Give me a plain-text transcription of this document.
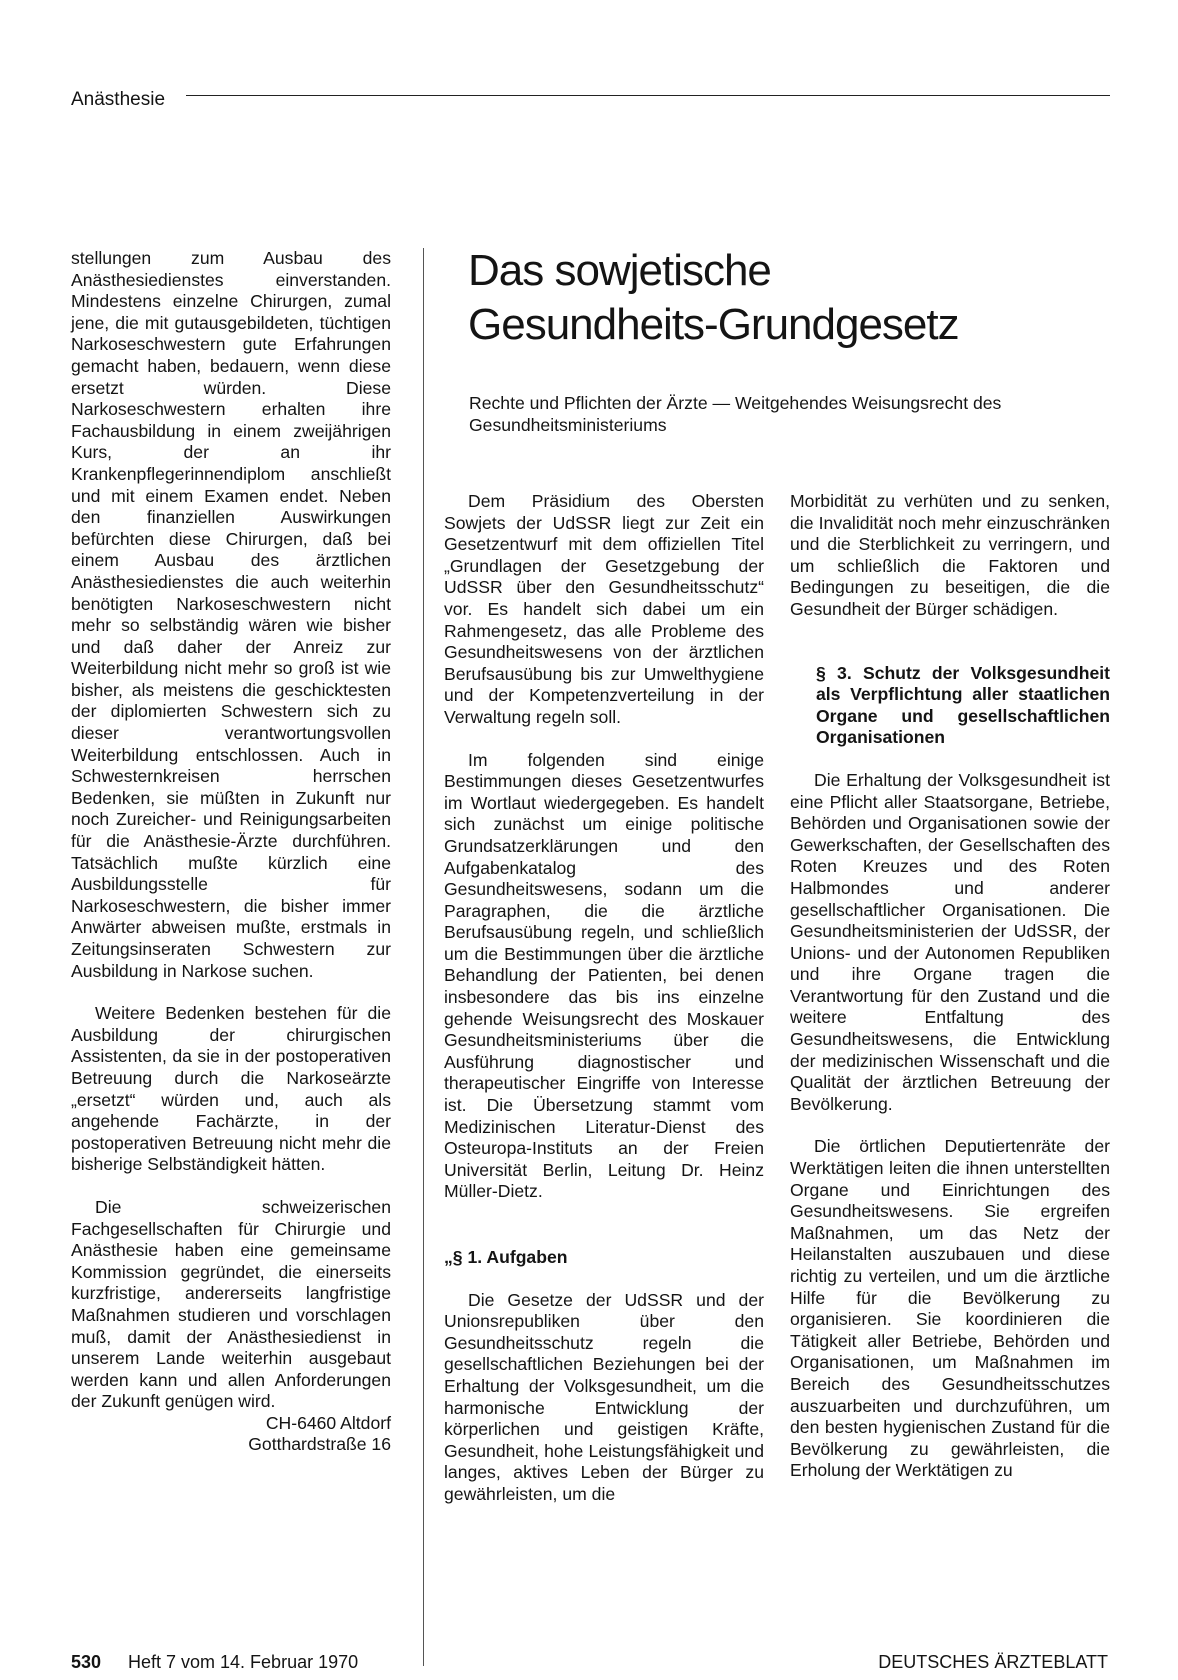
Anästhesie

stellungen zum Ausbau des Anästhesiedienstes einverstanden. Mindestens einzelne Chirurgen, zumal jene, die mit gutausgebildeten, tüchtigen Narkoseschwestern gute Erfahrungen gemacht haben, bedauern, wenn diese ersetzt würden. Diese Narkoseschwestern erhalten ihre Fachausbildung in einem zweijährigen Kurs, der an ihr Krankenpflegerinnendiplom anschließt und mit einem Examen endet. Neben den finanziellen Auswirkungen befürchten diese Chirurgen, daß bei einem Ausbau des ärztlichen Anästhesiedienstes die auch weiterhin benötigten Narkoseschwestern nicht mehr so selbständig wären wie bisher und daß daher der Anreiz zur Weiterbildung nicht mehr so groß ist wie bisher, als meistens die geschicktesten der diplomierten Schwestern sich zu dieser verantwortungsvollen Weiterbildung entschlossen. Auch in Schwesternkreisen herrschen Bedenken, sie müßten in Zukunft nur noch Zureicher- und Reinigungsarbeiten für die Anästhesie-Ärzte durchführen. Tatsächlich mußte kürzlich eine Ausbildungsstelle für Narkoseschwestern, die bisher immer Anwärter abweisen mußte, erstmals in Zeitungsinseraten Schwestern zur Ausbildung in Narkose suchen.

Weitere Bedenken bestehen für die Ausbildung der chirurgischen Assistenten, da sie in der postoperativen Betreuung durch die Narkoseärzte „ersetzt“ würden und, auch als angehende Fachärzte, in der postoperativen Betreuung nicht mehr die bisherige Selbständigkeit hätten.

Die schweizerischen Fachgesellschaften für Chirurgie und Anästhesie haben eine gemeinsame Kommission gegründet, die einerseits kurzfristige, andererseits langfristige Maßnahmen studieren und vorschlagen muß, damit der Anästhesiedienst in unserem Lande weiterhin ausgebaut werden kann und allen Anforderungen der Zukunft genügen wird.

CH-6460 Altdorf

Gotthardstraße 16

Das sowjetische
Gesundheits-Grundgesetz

Rechte und Pflichten der Ärzte — Weitgehendes Weisungsrecht des Gesundheitsministeriums

Dem Präsidium des Obersten Sowjets der UdSSR liegt zur Zeit ein Gesetzentwurf mit dem offiziellen Titel „Grundlagen der Gesetzgebung der UdSSR über den Gesundheitsschutz“ vor. Es handelt sich dabei um ein Rahmengesetz, das alle Probleme des Gesundheitswesens von der ärztlichen Berufsausübung bis zur Umwelthygiene und der Kompetenzverteilung in der Verwaltung regeln soll.

Im folgenden sind einige Bestimmungen dieses Gesetzentwurfes im Wortlaut wiedergegeben. Es handelt sich zunächst um einige politische Grundsatzerklärungen und den Aufgabenkatalog des Gesundheitswesens, sodann um die Paragraphen, die die ärztliche Berufsausübung regeln, und schließlich um die Bestimmungen über die ärztliche Behandlung der Patienten, bei denen insbesondere das bis ins einzelne gehende Weisungsrecht des Moskauer Gesundheitsministeriums über die Ausführung diagnostischer und therapeutischer Eingriffe von Interesse ist. Die Übersetzung stammt vom Medizinischen Literatur-Dienst des Osteuropa-Instituts an der Freien Universität Berlin, Leitung Dr. Heinz Müller-Dietz.

„§ 1. Aufgaben

Die Gesetze der UdSSR und der Unionsrepubliken über den Gesundheitsschutz regeln die gesellschaftlichen Beziehungen bei der Erhaltung der Volksgesundheit, um die harmonische Entwicklung der körperlichen und geistigen Kräfte, Gesundheit, hohe Leistungsfähigkeit und langes, aktives Leben der Bürger zu gewährleisten, um die

Morbidität zu verhüten und zu senken, die Invalidität noch mehr einzuschränken und die Sterblichkeit zu verringern, und um schließlich die Faktoren und Bedingungen zu beseitigen, die die Gesundheit der Bürger schädigen.

§ 3. Schutz der Volksgesundheit als Verpflichtung aller staatlichen Organe und gesellschaftlichen Organisationen

Die Erhaltung der Volksgesundheit ist eine Pflicht aller Staatsorgane, Betriebe, Behörden und Organisationen sowie der Gewerkschaften, der Gesellschaften des Roten Kreuzes und des Roten Halbmondes und anderer gesellschaftlicher Organisationen. Die Gesundheitsministerien der UdSSR, der Unions- und der Autonomen Republiken und ihre Organe tragen die Verantwortung für den Zustand und die weitere Entfaltung des Gesundheitswesens, die Entwicklung der medizinischen Wissenschaft und die Qualität der ärztlichen Betreuung der Bevölkerung.

Die örtlichen Deputiertenräte der Werktätigen leiten die ihnen unterstellten Organe und Einrichtungen des Gesundheitswesens. Sie ergreifen Maßnahmen, um das Netz der Heilanstalten auszubauen und diese richtig zu verteilen, und um die ärztliche Hilfe für die Bevölkerung zu organisieren. Sie koordinieren die Tätigkeit aller Betriebe, Behörden und Organisationen, um Maßnahmen im Bereich des Gesundheitsschutzes auszuarbeiten und durchzuführen, um den besten hygienischen Zustand für die Bevölkerung zu gewährleisten, die Erholung der Werktätigen zu

530 Heft 7 vom 14. Februar 1970	DEUTSCHES ÄRZTEBLATT
